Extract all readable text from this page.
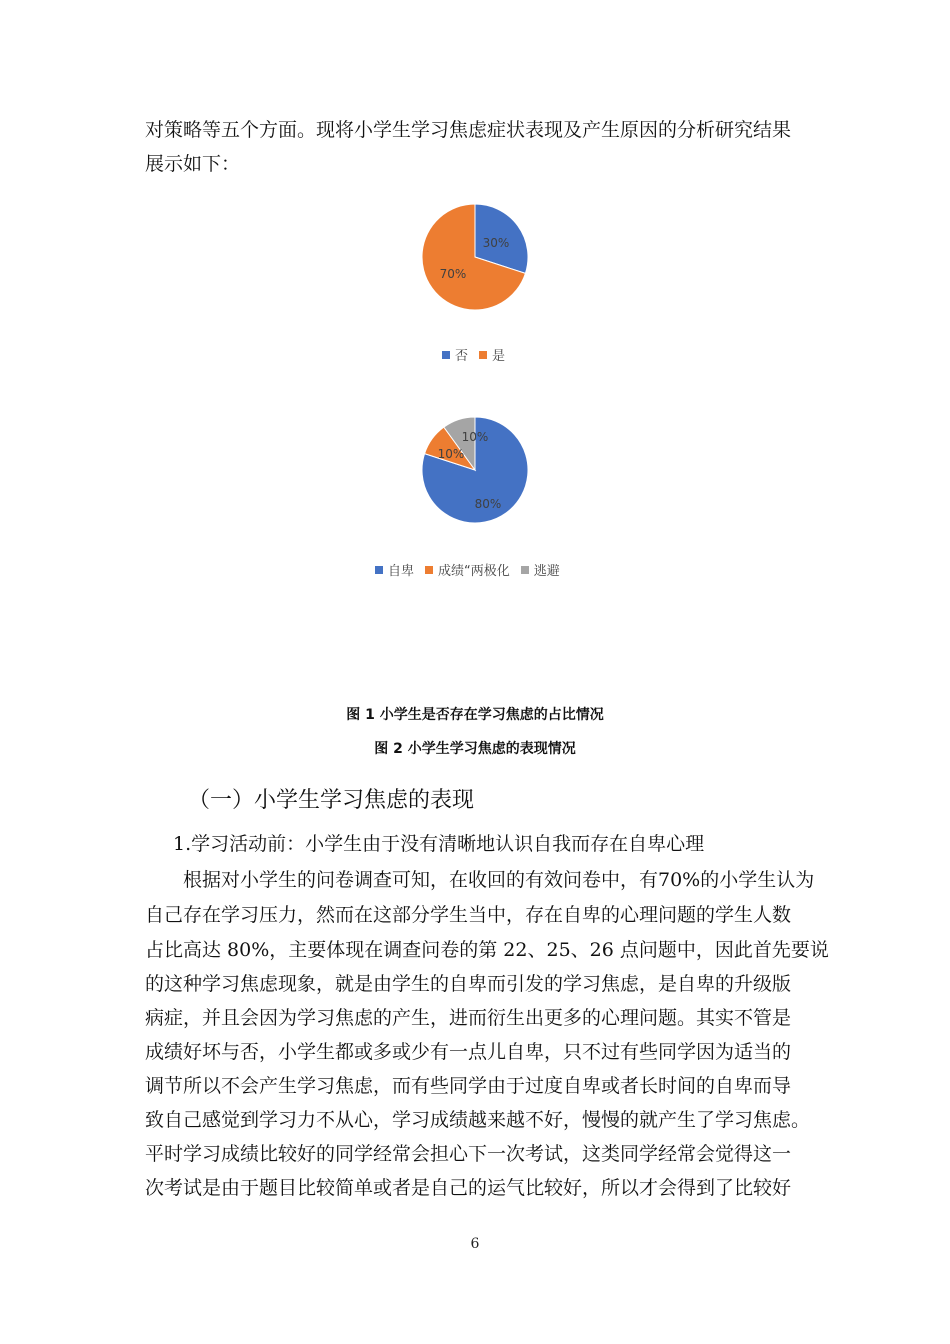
对策略等五个方面。现将小学生学习焦虑症状表现及产生原因的分析研究结果

展示如下：

30%
70%
否 是
80%
10%
10%
自卑 成绩“两极化 逃避

图 1 小学生是否存在学习焦虑的占比情况

图 2 小学生学习焦虑的表现情况

（一）小学生学习焦虑的表现

1.学习活动前：小学生由于没有清晰地认识自我而存在自卑心理

根据对小学生的问卷调查可知，在收回的有效问卷中，有70%的小学生认为

自己存在学习压力，然而在这部分学生当中，存在自卑的心理问题的学生人数

占比高达 80%，主要体现在调查问卷的第 22、25、26 点问题中，因此首先要说

的这种学习焦虑现象，就是由学生的自卑而引发的学习焦虑，是自卑的升级版

病症，并且会因为学习焦虑的产生，进而衍生出更多的心理问题。其实不管是

成绩好坏与否，小学生都或多或少有一点儿自卑，只不过有些同学因为适当的

调节所以不会产生学习焦虑，而有些同学由于过度自卑或者长时间的自卑而导

致自己感觉到学习力不从心，学习成绩越来越不好，慢慢的就产生了学习焦虑。

平时学习成绩比较好的同学经常会担心下一次考试，这类同学经常会觉得这一

次考试是由于题目比较简单或者是自己的运气比较好，所以才会得到了比较好

6
